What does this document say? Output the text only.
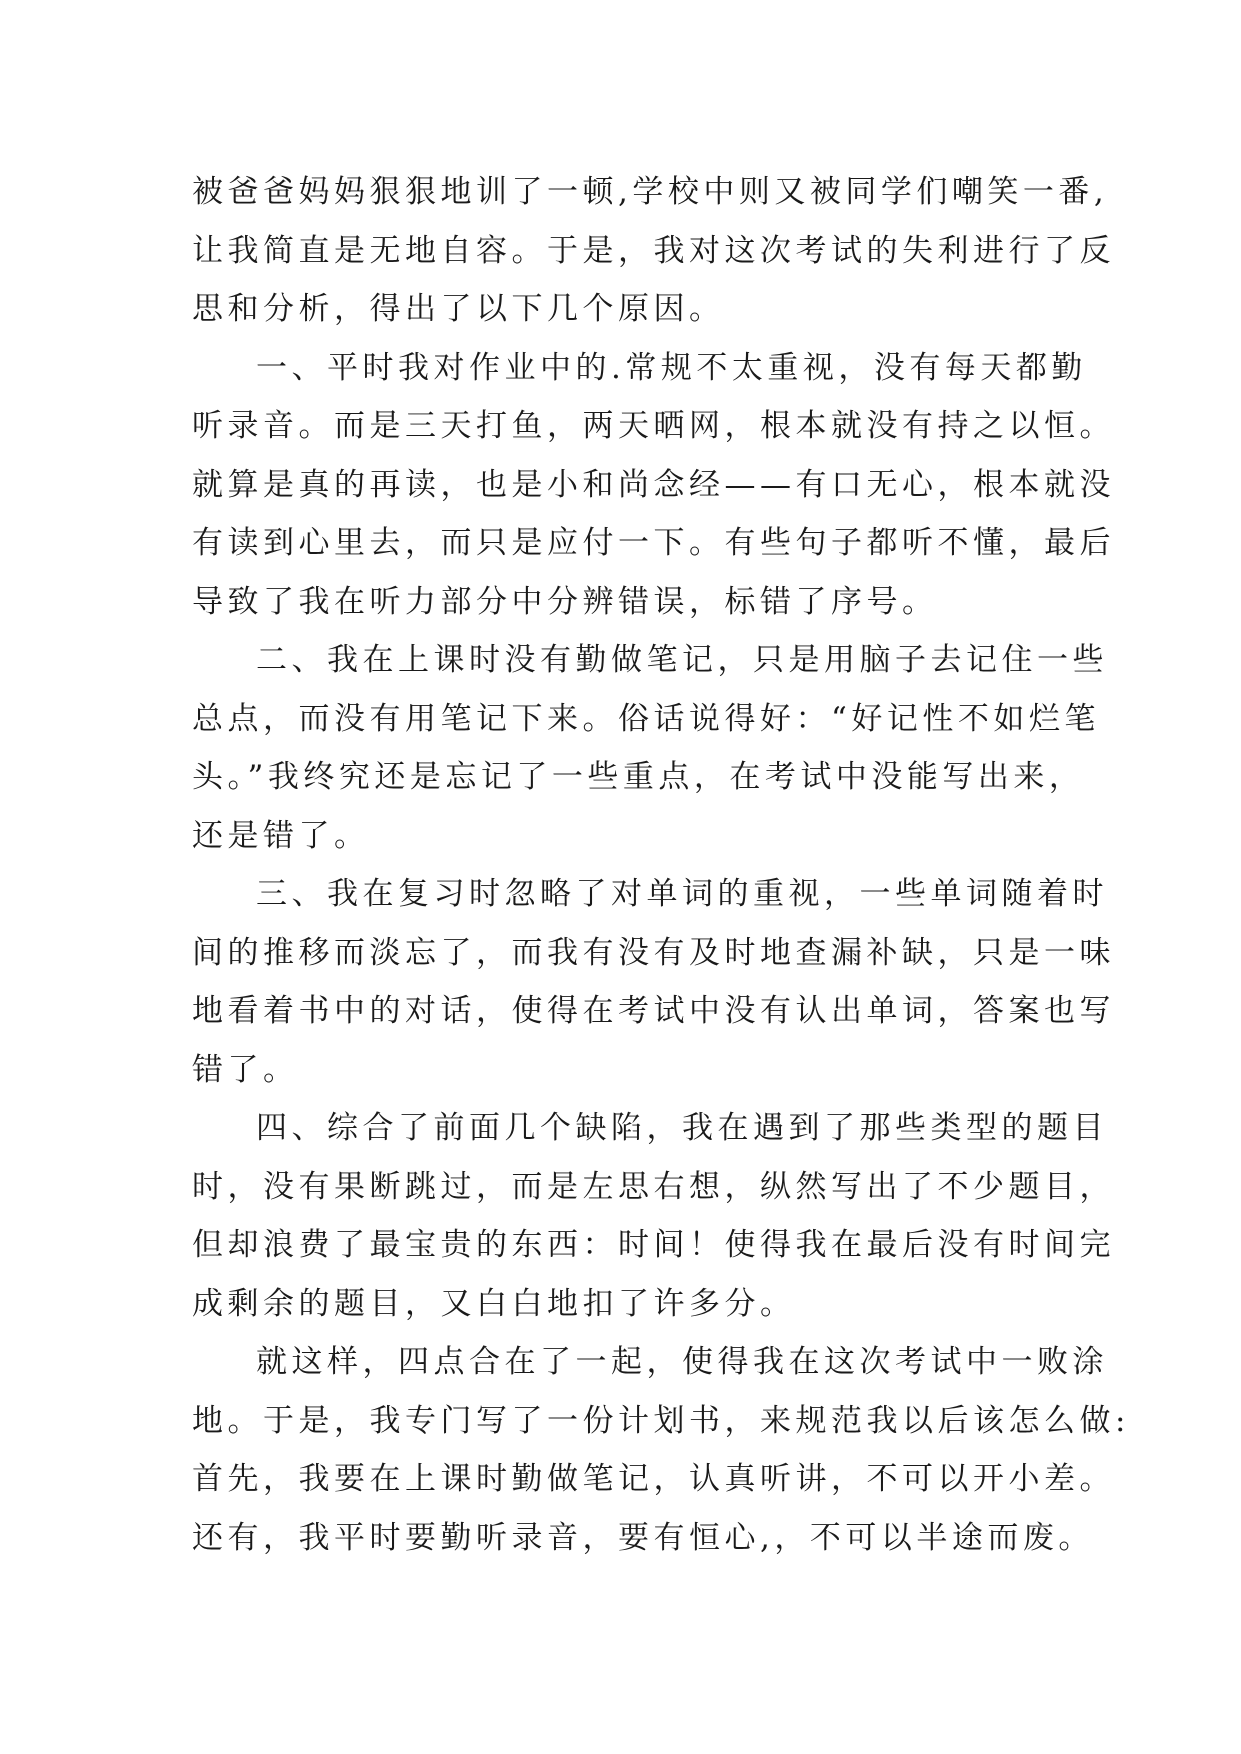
被爸爸妈妈狠狠地训了一顿,学校中则又被同学们嘲笑一番,
让我简直是无地自容。于是，我对这次考试的失利进行了反
思和分析，得出了以下几个原因。
一、平时我对作业中的.常规不太重视，没有每天都勤
听录音。而是三天打鱼，两天晒网，根本就没有持之以恒。
就算是真的再读，也是小和尚念经——有口无心，根本就没
有读到心里去，而只是应付一下。有些句子都听不懂，最后
导致了我在听力部分中分辨错误，标错了序号。
二、我在上课时没有勤做笔记，只是用脑子去记住一些
总点，而没有用笔记下来。俗话说得好：“好记性不如烂笔
头。”我终究还是忘记了一些重点，在考试中没能写出来，
还是错了。
三、我在复习时忽略了对单词的重视，一些单词随着时
间的推移而淡忘了，而我有没有及时地查漏补缺，只是一味
地看着书中的对话，使得在考试中没有认出单词，答案也写
错了。
四、综合了前面几个缺陷，我在遇到了那些类型的题目
时，没有果断跳过，而是左思右想，纵然写出了不少题目，
但却浪费了最宝贵的东西：时间！使得我在最后没有时间完
成剩余的题目，又白白地扣了许多分。
就这样，四点合在了一起，使得我在这次考试中一败涂
地。于是，我专门写了一份计划书，来规范我以后该怎么做:
首先，我要在上课时勤做笔记，认真听讲，不可以开小差。
还有，我平时要勤听录音，要有恒心,，不可以半途而废。
